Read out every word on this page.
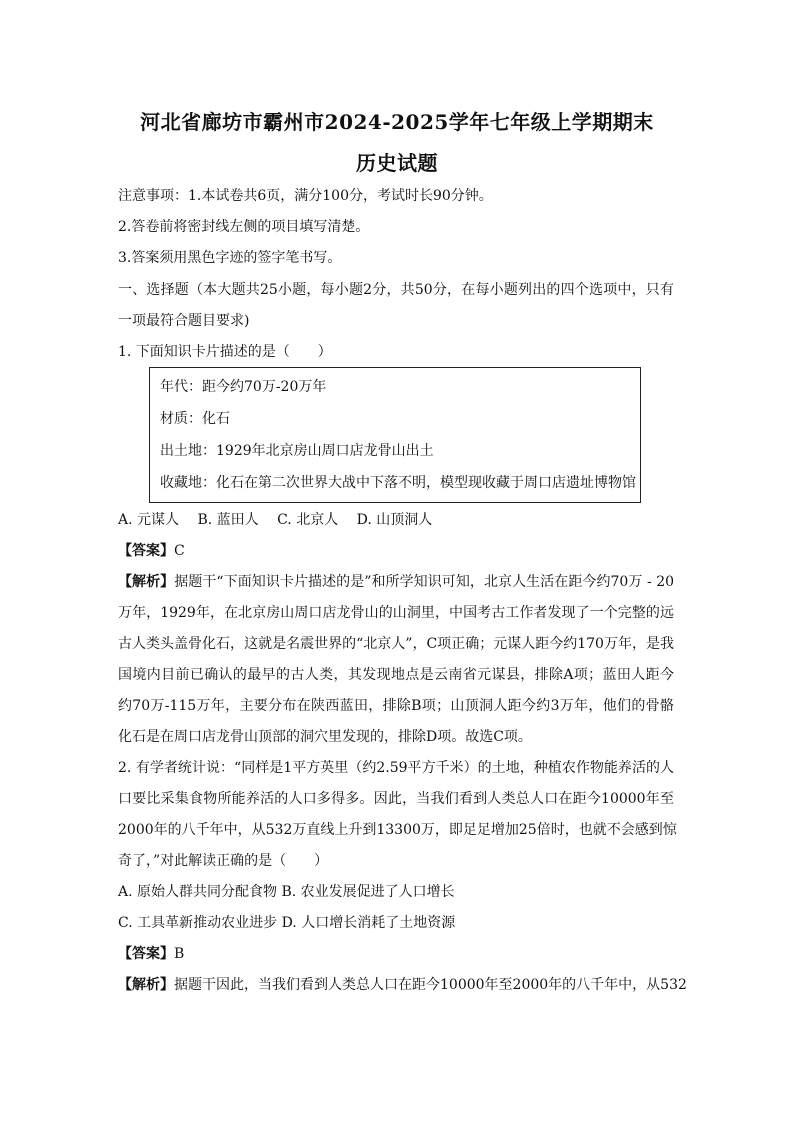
河北省廊坊市霸州市2024-2025学年七年级上学期期末
历史试题
注意事项：1.本试卷共6页，满分100分，考试时长90分钟。
2.答卷前将密封线左侧的项目填写清楚。
3.答案须用黑色字迹的签字笔书写。
一、选择题（本大题共25小题，每小题2分，共50分，在每小题列出的四个选项中，只有
一项最符合题目要求)
1. 下面知识卡片描述的是（　　）
年代：距今约70万-20万年
材质：化石
出土地：1929年北京房山周口店龙骨山出土
收藏地：化石在第二次世界大战中下落不明，模型现收藏于周口店遗址博物馆
A. 元谋人　 B. 蓝田人　 C. 北京人　 D. 山顶洞人
【答案】C
【解析】据题干“下面知识卡片描述的是”和所学知识可知，北京人生活在距今约70万 - 20
万年，1929年，在北京房山周口店龙骨山的山洞里，中国考古工作者发现了一个完整的远
古人类头盖骨化石，这就是名震世界的“北京人”，C项正确；元谋人距今约170万年，是我
国境内目前已确认的最早的古人类，其发现地点是云南省元谋县，排除A项；蓝田人距今
约70万-115万年，主要分布在陕西蓝田，排除B项；山顶洞人距今约3万年，他们的骨骼
化石是在周口店龙骨山顶部的洞穴里发现的，排除D项。故选C项。
2. 有学者统计说：“同样是1平方英里（约2.59平方千米）的土地，种植农作物能养活的人
口要比采集食物所能养活的人口多得多。因此，当我们看到人类总人口在距今10000年至
2000年的八千年中，从532万直线上升到13300万，即足足增加25倍时，也就不会感到惊
奇了，”对此解读正确的是（　　）
A. 原始人群共同分配食物 B. 农业发展促进了人口增长
C. 工具革新推动农业进步 D. 人口增长消耗了土地资源
【答案】B
【解析】据题干因此，当我们看到人类总人口在距今10000年至2000年的八千年中，从532
